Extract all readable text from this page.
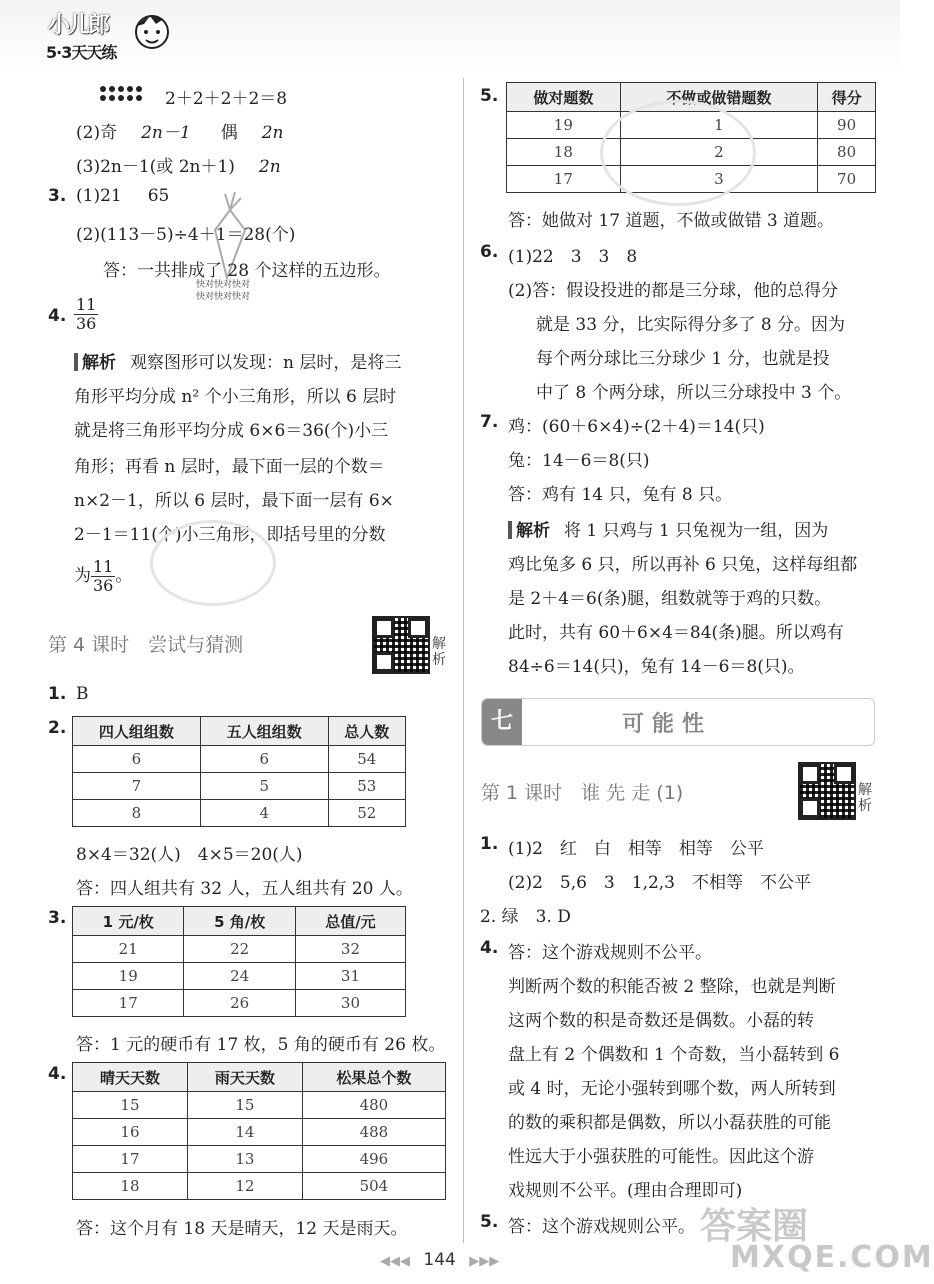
小儿郎
5·3天天练
2＋2＋2＋2＝8
(2)奇 2n－1 偶 2n
(3)2n－1(或 2n＋1) 2n
3. (1)21 65
(2)(113－5)÷4＋1＝28(个)
答：一共排成了 28 个这样的五边形。
快对快对快对
快对快对快对
4. $\frac{11}{36}$
解析 观察图形可以发现：n 层时，是将三
角形平均分成 n² 个小三角形，所以 6 层时
就是将三角形平均分成 6×6＝36(个)小三
角形；再看 n 层时，最下面一层的个数＝
n×2－1，所以 6 层时，最下面一层有 6×
2－1＝11(个)小三角形，即括号里的分数
为 $\frac{11}{36}$ 。
第 4 课时　尝试与猜测	解析
1. B
2. 四人组组数	五人组组数	总人数
6	6	54
7	5	53
8	4	52
8×4＝32(人)　4×5＝20(人)
答：四人组共有 32 人，五人组共有 20 人。
3. 1 元/枚	5 角/枚	总值/元
21	22	32
19	24	31
17	26	30
答：1 元的硬币有 17 枚，5 角的硬币有 26 枚。
4. 晴天天数	雨天天数	松果总个数
15	15	480
16	14	488
17	13	496
18	12	504
答：这个月有 18 天是晴天，12 天是雨天。
5. 做对题数	不做或做错题数	得分
19	1	90
18	2	80
17	3	70
答：她做对 17 道题，不做或做错 3 道题。
6. (1)22　3　3　8
(2)答：假设投进的都是三分球，他的总得分
就是 33 分，比实际得分多了 8 分。因为
每个两分球比三分球少 1 分，也就是投
中了 8 个两分球，所以三分球投中 3 个。
7. 鸡：(60＋6×4)÷(2＋4)＝14(只)
兔：14－6＝8(只)
答：鸡有 14 只，兔有 8 只。
解析 将 1 只鸡与 1 只兔视为一组，因为
鸡比兔多 6 只，所以再补 6 只兔，这样每组都
是 2＋4＝6(条)腿，组数就等于鸡的只数。
此时，共有 60＋6×4＝84(条)腿。所以鸡有
84÷6＝14(只)，兔有 14－6＝8(只)。
七	可能性
第 1 课时　谁 先 走 (1)	解析
1. (1)2　红　白　相等　相等　公平
(2)2　5,6　3　1,2,3　不相等　不公平
2. 绿　3. D
4. 答：这个游戏规则不公平。
判断两个数的积能否被 2 整除，也就是判断
这两个数的积是奇数还是偶数。小磊的转
盘上有 2 个偶数和 1 个奇数，当小磊转到 6
或 4 时，无论小强转到哪个数，两人所转到
的数的乘积都是偶数，所以小磊获胜的可能
性远大于小强获胜的可能性。因此这个游
戏规则不公平。(理由合理即可)
5. 答：这个游戏规则公平。 答案圈
MXQE.COM
◀◀◀ 144 ▶▶▶
